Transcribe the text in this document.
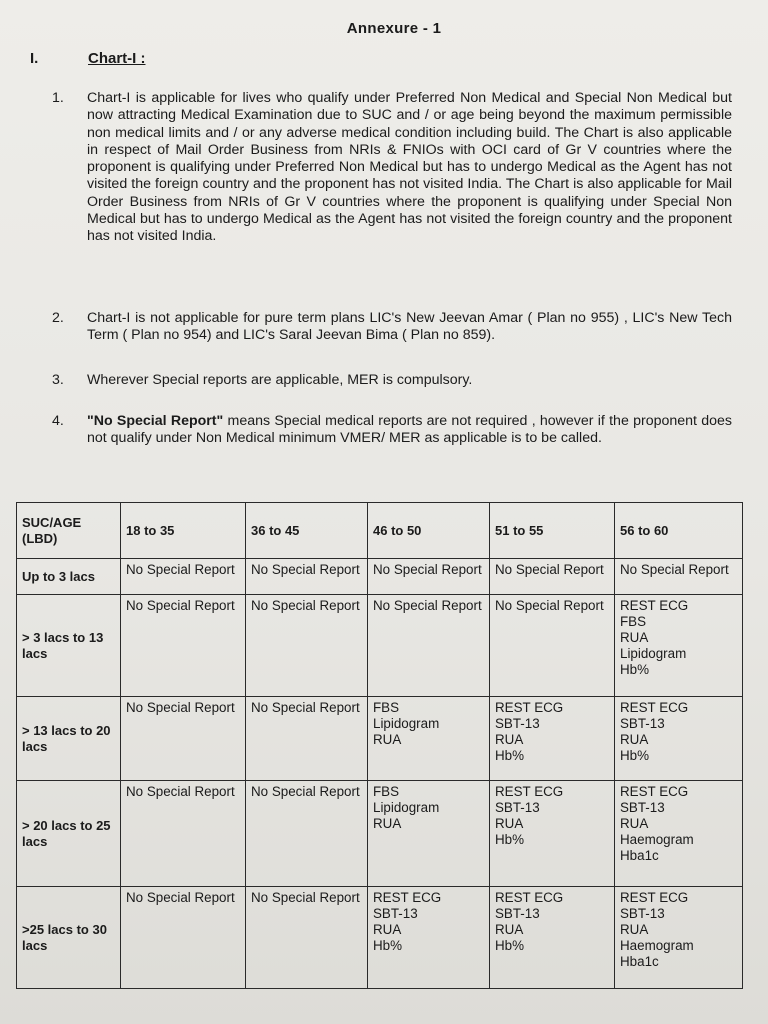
Annexure - 1
I.	Chart-I :
1.	Chart-I is applicable for lives who qualify under Preferred Non Medical and Special Non Medical but now attracting Medical Examination due to SUC and / or age being beyond the maximum permissible non medical limits and / or any adverse medical condition including build. The Chart is also applicable in respect of Mail Order Business from NRIs & FNIOs with OCI card of Gr V countries where the proponent is qualifying under Preferred Non Medical but has to undergo Medical as the Agent has not visited the foreign country and the proponent has not visited India. The Chart is also applicable for Mail Order Business from NRIs of Gr V countries where the proponent is qualifying under Special Non Medical but has to undergo Medical as the Agent has not visited the foreign country and the proponent has not visited India.
2.	Chart-I is not applicable for pure term plans LIC's New Jeevan Amar ( Plan no 955) , LIC's New Tech Term ( Plan no 954) and LIC's Saral Jeevan Bima ( Plan no 859).
3.	Wherever Special reports are applicable, MER is compulsory.
4.	"No Special Report" means Special medical reports are not required , however if the proponent does not qualify under Non Medical minimum VMER/ MER as applicable is to be called.
SUC/AGE (LBD)	18 to 35	36 to 45	46 to 50	51 to 55	56 to 60
Up to 3 lacs	No Special Report	No Special Report	No Special Report	No Special Report	No Special Report
> 3 lacs to 13 lacs	No Special Report	No Special Report	No Special Report	No Special Report	REST ECG
FBS
RUA
Lipidogram
Hb%

> 13 lacs to 20 lacs	No Special Report	No Special Report	FBS
Lipidogram
RUA	REST ECG
SBT-13
RUA
Hb%	REST ECG
SBT-13
RUA
Hb%

> 20 lacs to 25 lacs	No Special Report	No Special Report	FBS
Lipidogram
RUA	REST ECG
SBT-13
RUA
Hb%	REST ECG
SBT-13
RUA
Haemogram
Hba1c

>25 lacs to 30 lacs	No Special Report	No Special Report	REST ECG
SBT-13
RUA
Hb%	REST ECG
SBT-13
RUA
Hb%	REST ECG
SBT-13
RUA
Haemogram
Hba1c
